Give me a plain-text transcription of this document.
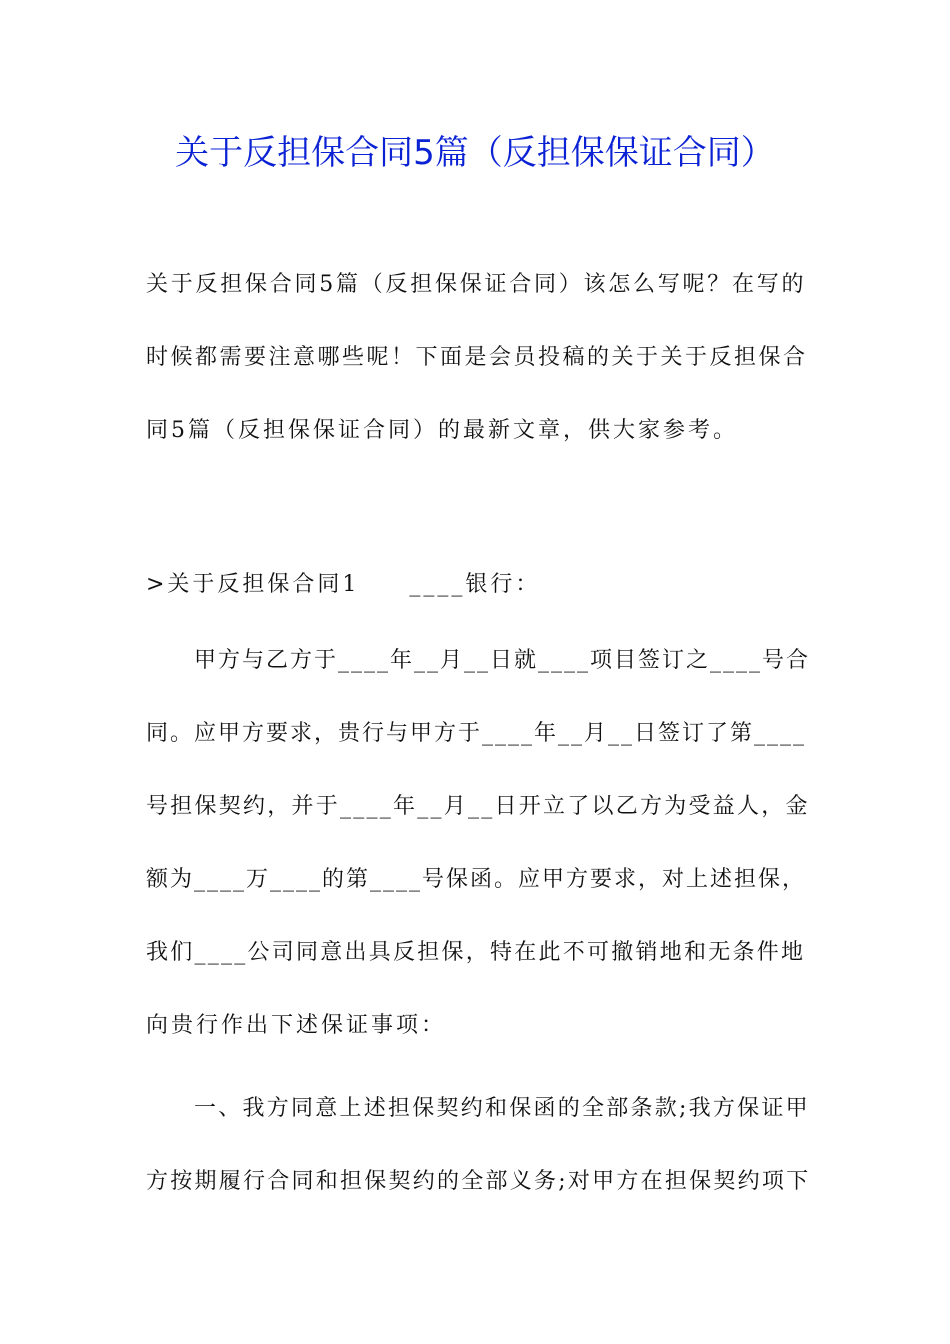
关于反担保合同5篇（反担保保证合同）
关于反担保合同5篇（反担保保证合同）该怎么写呢？在写的
时候都需要注意哪些呢！下面是会员投稿的关于关于反担保合
同5篇（反担保保证合同）的最新文章，供大家参考。
>关于反担保合同1　　____银行：
甲方与乙方于____年__月__日就____项目签订之____号合
同。应甲方要求，贵行与甲方于____年__月__日签订了第____
号担保契约，并于____年__月__日开立了以乙方为受益人，金
额为____万____的第____号保函。应甲方要求，对上述担保，
我们____公司同意出具反担保，特在此不可撤销地和无条件地
向贵行作出下述保证事项：
一、我方同意上述担保契约和保函的全部条款;我方保证甲
方按期履行合同和担保契约的全部义务;对甲方在担保契约项下
